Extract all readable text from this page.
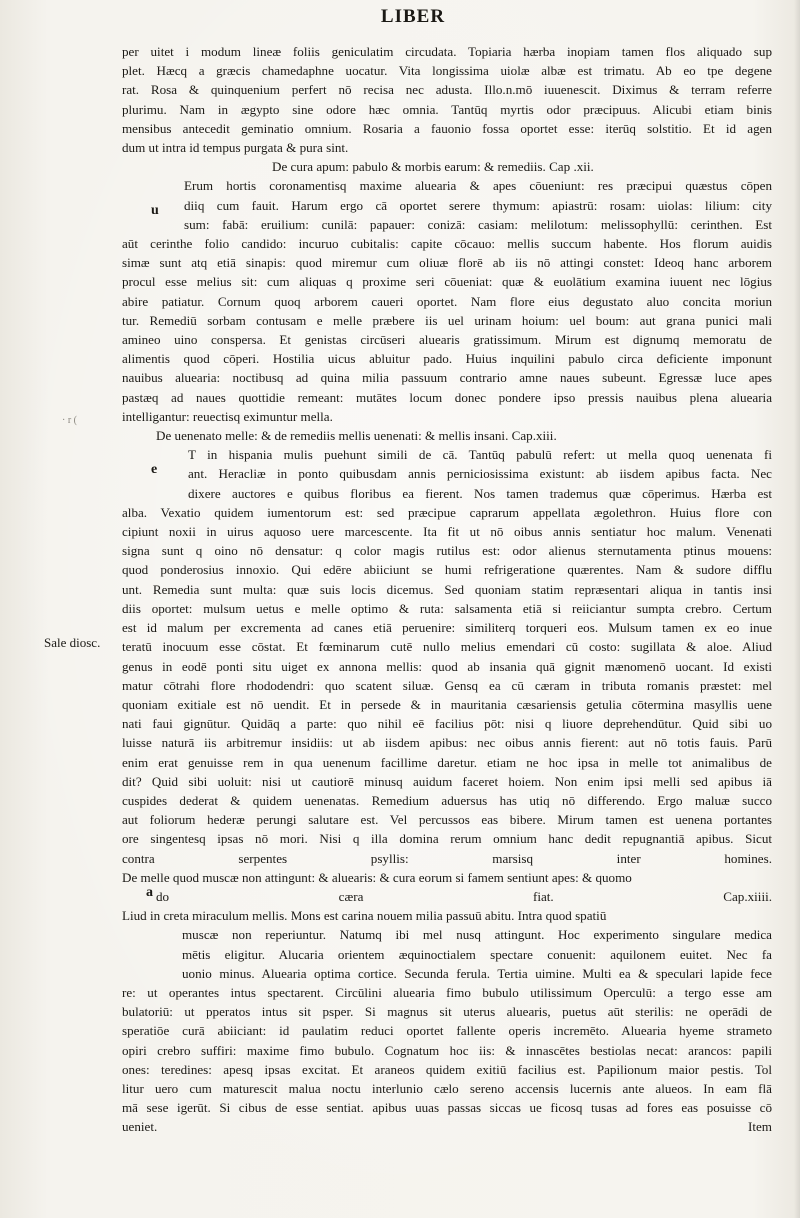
LIBER
u
e
a
· r (
Sale diosc.
per uitet i modum lineæ foliis geniculatim circudata. Topiaria hærba inopiam tamen flos aliquado sup
plet. Hæcq a græcis chamedaphne uocatur. Vita longissima uiolæ albæ est trimatu. Ab eo tpe degene
rat. Rosa & quinquenium perfert nō recisa nec adusta. Illo.n.mō iuuenescit. Diximus & terram referre
plurimu. Nam in ægypto sine odore hæc omnia. Tantūq myrtis odor præcipuus. Alicubi etiam binis
mensibus antecedit geminatio omnium. Rosaria a fauonio fossa oportet esse: iterūq solstitio. Et id agen
dum ut intra id tempus purgata & pura sint.
De cura apum: pabulo & morbis earum: & remediis. Cap .xii.
Erum hortis coronamentisq maxime aluearia & apes cōueniunt: res præcipui quæstus cōpen
diiq cum fauit. Harum ergo cā oportet serere thymum: apiastrū: rosam: uiolas: lilium: city
sum: fabā: eruilium: cunilā: papauer: conizā: casiam: melilotum: melissophyllū: cerinthen. Est
aūt cerinthe folio candido: incuruo cubitalis: capite cōcauo: mellis succum habente. Hos florum auidis
simæ sunt atq etiā sinapis: quod miremur cum oliuæ florē ab iis nō attingi constet: Ideoq hanc arborem
procul esse melius sit: cum aliquas q proxime seri cōueniat: quæ & euolātium examina iuuent nec lōgius
abire patiatur. Cornum quoq arborem caueri oportet. Nam flore eius degustato aluo concita moriun
tur. Remediū sorbam contusam e melle præbere iis uel urinam hoium: uel boum: aut grana punici mali
amineo uino conspersa. Et genistas circūseri aluearis gratissimum. Mirum est dignumq memoratu de
alimentis quod cōperi. Hostilia uicus abluitur pado. Huius inquilini pabulo circa deficiente imponunt
nauibus aluearia: noctibusq ad quina milia passuum contrario amne naues subeunt. Egressæ luce apes
pastæq ad naues quottidie remeant: mutātes locum donec pondere ipso pressis nauibus plena aluearia
intelligantur: reuectisq eximuntur mella.
De uenenato melle: & de remediis mellis uenenati: & mellis insani. Cap.xiii.
T in hispania mulis puehunt simili de cā. Tantūq pabulū refert: ut mella quoq uenenata fi
ant. Heracliæ in ponto quibusdam annis perniciosissima existunt: ab iisdem apibus facta. Nec
dixere auctores e quibus floribus ea fierent. Nos tamen trademus quæ cōperimus. Hærba est
alba. Vexatio quidem iumentorum est: sed præcipue caprarum appellata ægolethron. Huius flore con
cipiunt noxii in uirus aquoso uere marcescente. Ita fit ut nō oibus annis sentiatur hoc malum. Venenati
signa sunt q oino nō densatur: q color magis rutilus est: odor alienus sternutamenta ptinus mouens:
quod ponderosius innoxio. Qui edēre abiiciunt se humi refrigeratione quærentes. Nam & sudore difflu
unt. Remedia sunt multa: quæ suis locis dicemus. Sed quoniam statim repræsentari aliqua in tantis insi
diis oportet: mulsum uetus e melle optimo & ruta: salsamenta etiā si reiiciantur sumpta crebro. Certum
est id malum per excrementa ad canes etiā peruenire: similiterq torqueri eos. Mulsum tamen ex eo inue
teratū inocuum esse cōstat. Et fœminarum cutē nullo melius emendari cū costo: sugillata & aloe. Aliud
genus in eodē ponti situ uiget ex annona mellis: quod ab insania quā gignit mænomenō uocant. Id existi
matur cōtrahi flore rhododendri: quo scatent siluæ. Gensq ea cū cæram in tributa romanis præstet: mel
quoniam exitiale est nō uendit. Et in persede & in mauritania cæsariensis getulia cōtermina masyllis uene
nati faui gignūtur. Quidāq a parte: quo nihil eē facilius pōt: nisi q liuore deprehendūtur. Quid sibi uo
luisse naturā iis arbitremur insidiis: ut ab iisdem apibus: nec oibus annis fierent: aut nō totis fauis. Parū
enim erat genuisse rem in qua uenenum facillime daretur. etiam ne hoc ipsa in melle tot animalibus de
dit? Quid sibi uoluit: nisi ut cautiorē minusq auidum faceret hoiem. Non enim ipsi melli sed apibus iā
cuspides dederat & quidem uenenatas. Remedium aduersus has utiq nō differendo. Ergo maluæ succo
aut foliorum hederæ perungi salutare est. Vel percussos eas bibere. Mirum tamen est uenena portantes
ore singentesq ipsas nō mori. Nisi q illa domina rerum omnium hanc dedit repugnantiā apibus. Sicut
contra serpentes psyllis: marsisq inter homines.
De melle quod muscæ non attingunt: & aluearis: & cura eorum si famem sentiunt apes: & quomo
do cæra fiat. Cap.xiiii.
Liud in creta miraculum mellis. Mons est carina nouem milia passuū abitu. Intra quod spatiū
muscæ non reperiuntur. Natumq ibi mel nusq attingunt. Hoc experimento singulare medica
mētis eligitur. Alucaria orientem æquinoctialem spectare conuenit: aquilonem euitet. Nec fa
uonio minus. Aluearia optima cortice. Secunda ferula. Tertia uimine. Multi ea & speculari lapide fece
re: ut operantes intus spectarent. Circūlini aluearia fimo bubulo utilissimum Operculū: a tergo esse am
bulatoriū: ut pperatos intus sit psper. Si magnus sit uterus aluearis, puetus aūt sterilis: ne operādi de
speratiōe curā abiiciant: id paulatim reduci oportet fallente operis incremēto. Aluearia hyeme strameto
opiri crebro suffiri: maxime fimo bubulo. Cognatum hoc iis: & innascētes bestiolas necat: arancos: papili
ones: teredines: apesq ipsas excitat. Et araneos quidem exitiū facilius est. Papilionum maior pestis. Tol
litur uero cum maturescit malua noctu interlunio cælo sereno accensis lucernis ante alueos. In eam flā
mā sese igerūt. Si cibus de esse sentiat. apibus uuas passas siccas ue ficosq tusas ad fores eas posuisse cō
ueniet. Item
